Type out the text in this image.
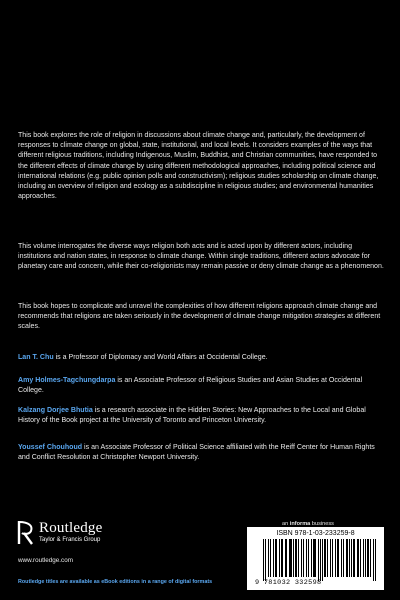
This book explores the role of religion in discussions about climate change and, particularly, the development of responses to climate change on global, state, institutional, and local levels. It considers examples of the ways that different religious traditions, including Indigenous, Muslim, Buddhist, and Christian communities, have responded to the different effects of climate change by using different methodological approaches, including political science and international relations (e.g. public opinion polls and constructivism); religious studies scholarship on climate change, including an overview of religion and ecology as a subdiscipline in religious studies; and environmental humanities approaches.

This volume interrogates the diverse ways religion both acts and is acted upon by different actors, including institutions and nation states, in response to climate change. Within single traditions, different actors advocate for planetary care and concern, while their co-religionists may remain passive or deny climate change as a phenomenon.

This book hopes to complicate and unravel the complexities of how different religions approach climate change and recommends that religions are taken seriously in the development of climate change mitigation strategies at different scales.

Lan T. Chu is a Professor of Diplomacy and World Affairs at Occidental College.

Amy Holmes-Tagchungdarpa is an Associate Professor of Religious Studies and Asian Studies at Occidental College.

Kalzang Dorjee Bhutia is a research associate in the Hidden Stories: New Approaches to the Local and Global History of the Book project at the University of Toronto and Princeton University.

Youssef Chouhoud is an Associate Professor of Political Science affiliated with the Reiff Center for Human Rights and Conflict Resolution at Christopher Newport University.

Routledge
Taylor & Francis Group
www.routledge.com
Routledge titles are available as eBook editions in a range of digital formats
an informa business
ISBN 978-1-03-233259-8
9 781032 332598
